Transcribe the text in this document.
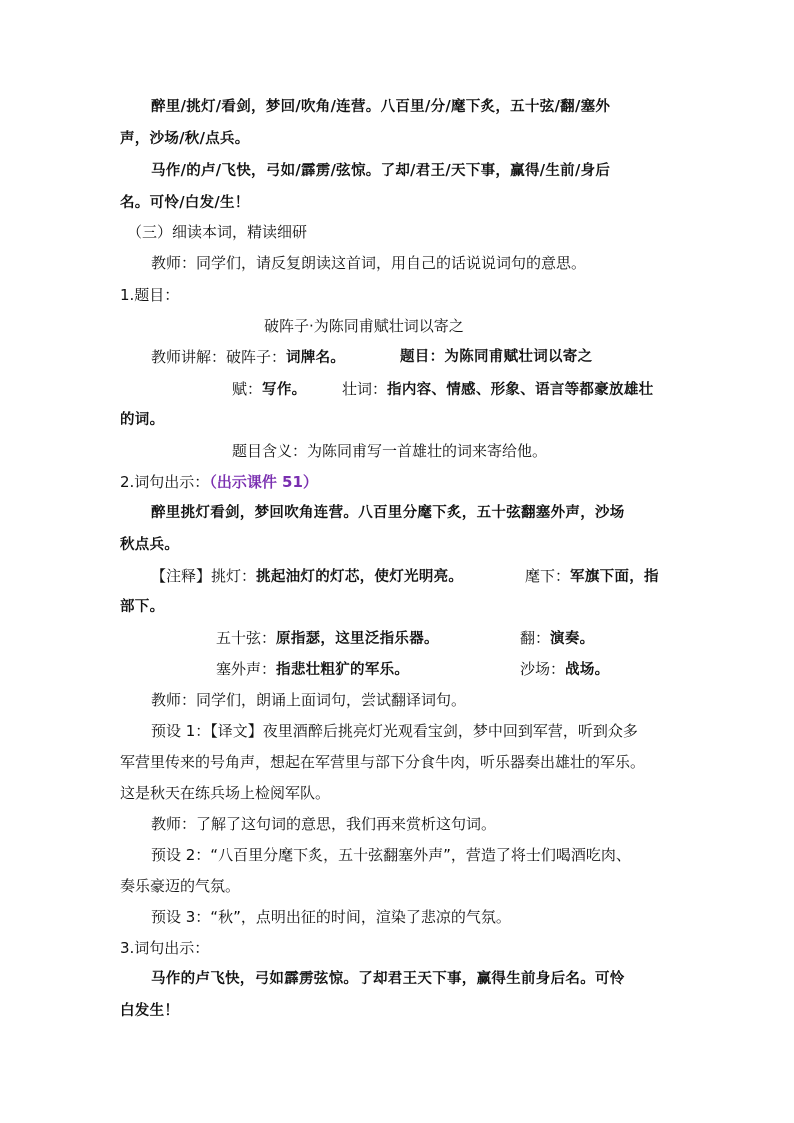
醉里/挑灯/看剑，梦回/吹角/连营。八百里/分/麾下炙，五十弦/翻/塞外
声，沙场/秋/点兵。
马作/的卢/飞快，弓如/霹雳/弦惊。了却/君王/天下事，赢得/生前/身后
名。可怜/白发/生！
（三）细读本词，精读细研
教师：同学们，请反复朗读这首词，用自己的话说说词句的意思。
1.题目：
破阵子·为陈同甫赋壮词以寄之
教师讲解：破阵子：词牌名。	题目：为陈同甫赋壮词以寄之
赋：写作。 壮词：指内容、情感、形象、语言等都豪放雄壮
的词。
题目含义：为陈同甫写一首雄壮的词来寄给他。
2.词句出示：（出示课件 51）
醉里挑灯看剑，梦回吹角连营。八百里分麾下炙，五十弦翻塞外声，沙场
秋点兵。
【注释】挑灯：挑起油灯的灯芯，使灯光明亮。	麾下：军旗下面，指
部下。
五十弦：原指瑟，这里泛指乐器。	翻：演奏。
塞外声：指悲壮粗犷的军乐。	沙场：战场。
教师：同学们，朗诵上面词句，尝试翻译词句。
预设 1：【译文】夜里酒醉后挑亮灯光观看宝剑，梦中回到军营，听到众多
军营里传来的号角声，想起在军营里与部下分食牛肉，听乐器奏出雄壮的军乐。
这是秋天在练兵场上检阅军队。
教师：了解了这句词的意思，我们再来赏析这句词。
预设 2：“八百里分麾下炙，五十弦翻塞外声”，营造了将士们喝酒吃肉、
奏乐豪迈的气氛。
预设 3：“秋”，点明出征的时间，渲染了悲凉的气氛。
3.词句出示：
马作的卢飞快，弓如霹雳弦惊。了却君王天下事，赢得生前身后名。可怜
白发生！
